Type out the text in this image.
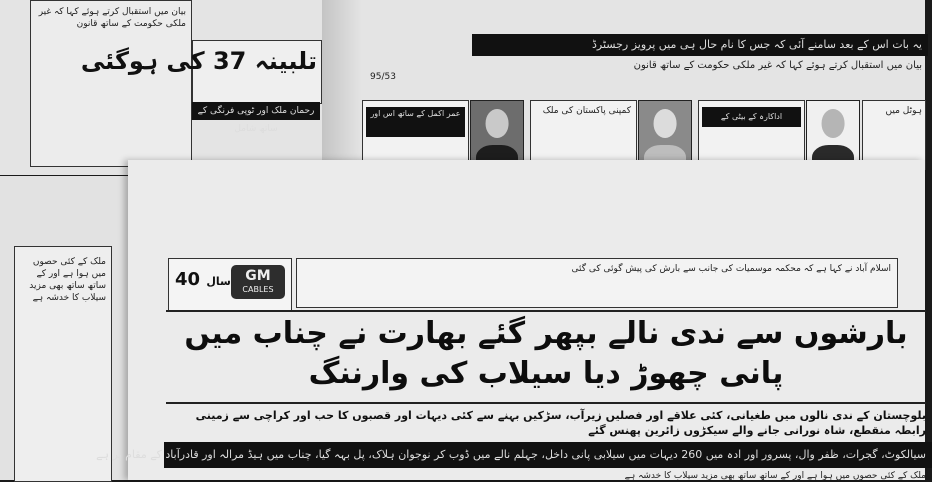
بیان میں استقبال کرتے ہوئے کہا کہ غیر ملکی حکومت کے ساتھ قانون
تلبینہ 37 کی ہوگئی
رحمان ملک اور ٹوپی فرنگی کے ساتھ شامل
یہ بات اس کے بعد سامنے آئی کہ جس کا نام حال ہی میں پرویز رجسٹرڈ
بیان میں استقبال کرتے ہوئے کہا کہ غیر ملکی حکومت کے ساتھ قانون
95/53
عمر اکمل کے ساتھ اس اور	کمپنی پاکستان کی ملک
اداکارہ کے بیٹی کے
ہوٹل میں
ملک کے کئی حصوں میں ہوا ہے اور کے ساتھ ساتھ بھی مزید سیلاب کا خدشہ ہے
GM
CABLES
40 سال
اسلام آباد نے کہا ہے کہ محکمہ موسمیات کی جانب سے بارش کی پیش گوئی کی گئی
بارشوں سے ندی نالے بپھر گئے بھارت نے چناب میں پانی چھوڑ دیا سیلاب کی وارننگ
بلوچستان کے ندی نالوں میں طغیانی، کئی علاقے اور فصلیں زیرآب، سڑکیں بہنے سے کئی دیہات اور قصبوں کا حب اور کراچی سے زمینی رابطہ منقطع، شاہ نورانی جانے والے سیکڑوں زائرین پھنس گئے
سیالکوٹ، گجرات، ظفر وال، پسرور اور ادہ میں 260 دیہات میں سیلابی پانی داخل، جہلم نالے میں ڈوب کر نوجوان ہلاک، پل بہہ گیا، چناب میں ہیڈ مرالہ اور قادرآباد کے مقام پر ہے
ملک کے کئی حصوں میں ہوا ہے اور کے ساتھ ساتھ بھی مزید سیلاب کا خدشہ ہے
